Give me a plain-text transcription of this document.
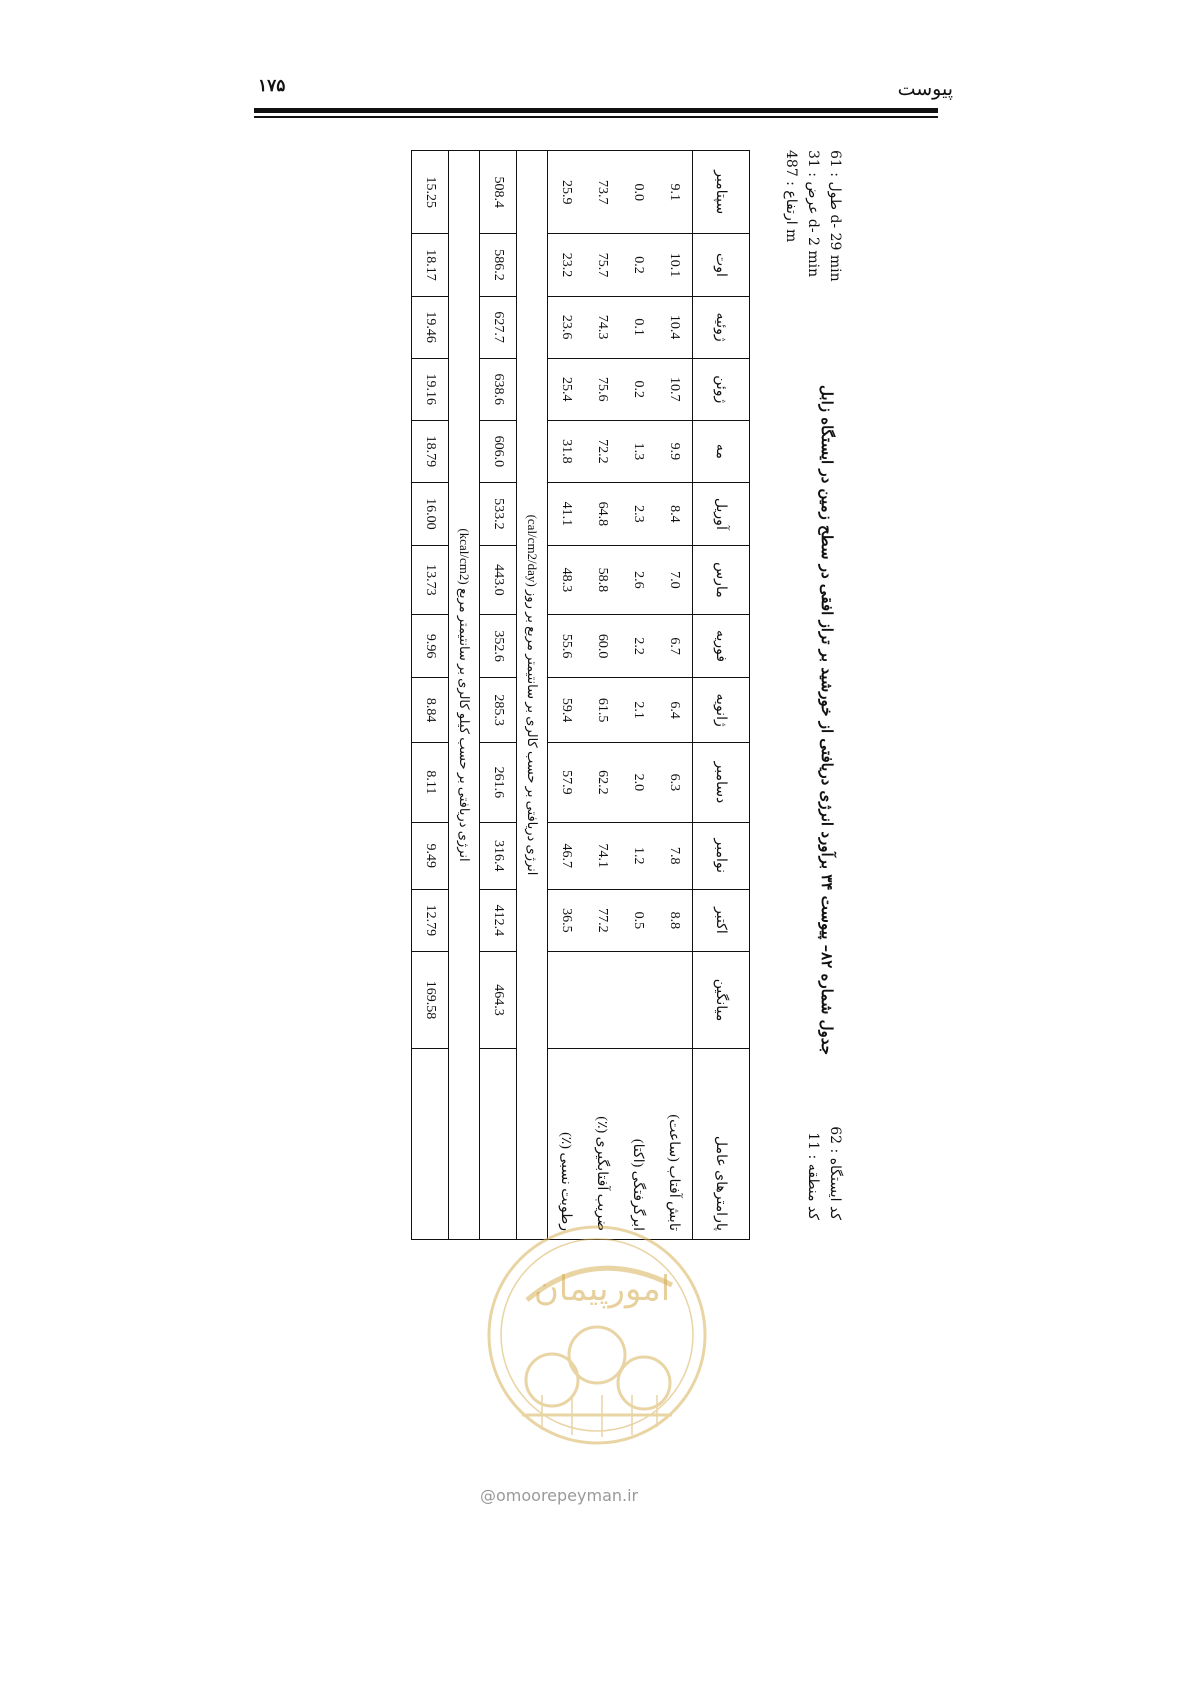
پیوست
۱۷۵
طول : 61 d- 29 min
عرض : 31 d- 2 min
ارتفاع : 487 m
جدول شماره ۸۲– پیوست ۳۴ برآورد انرژی دریافتی از خورشید بر تراز افقی در سطح زمین در ایستگاه زابل
کد ایستگاه : 62
کد منطقه : 11
پارامترهای عامل	میانگین	اکتبر	نوامبر	دسامبر	ژانویه	فوریه	مارس	آوریل	مه	ژوئن	ژوئیه	اوت	سپتامبر
تابش آفتاب (ساعت)		8.8	7.8	6.3	6.4	6.7	7.0	8.4	9.9	10.7	10.4	10.1	9.1
ابرگرفتگی (اکتا)		0.5	1.2	2.0	2.1	2.2	2.6	2.3	1.3	0.2	0.1	0.2	0.0
ضریب آفتابگیری (٪)		77.2	74.1	62.2	61.5	60.0	58.8	64.8	72.2	75.6	74.3	75.7	73.7
رطوبت نسبی (٪)		36.5	46.7	57.9	59.4	55.6	48.3	41.1	31.8	25.4	23.6	23.2	25.9
انرژی دریافتی بر حسب کالری بر سانتیمتر مربع بر روز (cal/cm2/day)													
	464.3	412.4	316.4	261.6	285.3	352.6	443.0	533.2	606.0	638.6	627.7	586.2	508.4
انرژی دریافتی بر حسب کیلو کالری بر سانتیمتر مربع (kcal/cm2)													
	169.58	12.79	9.49	8.11	8.84	9.96	13.73	16.00	18.79	19.16	19.46	18.17	15.25
امورپیمان
@omoorepeyman.ir
